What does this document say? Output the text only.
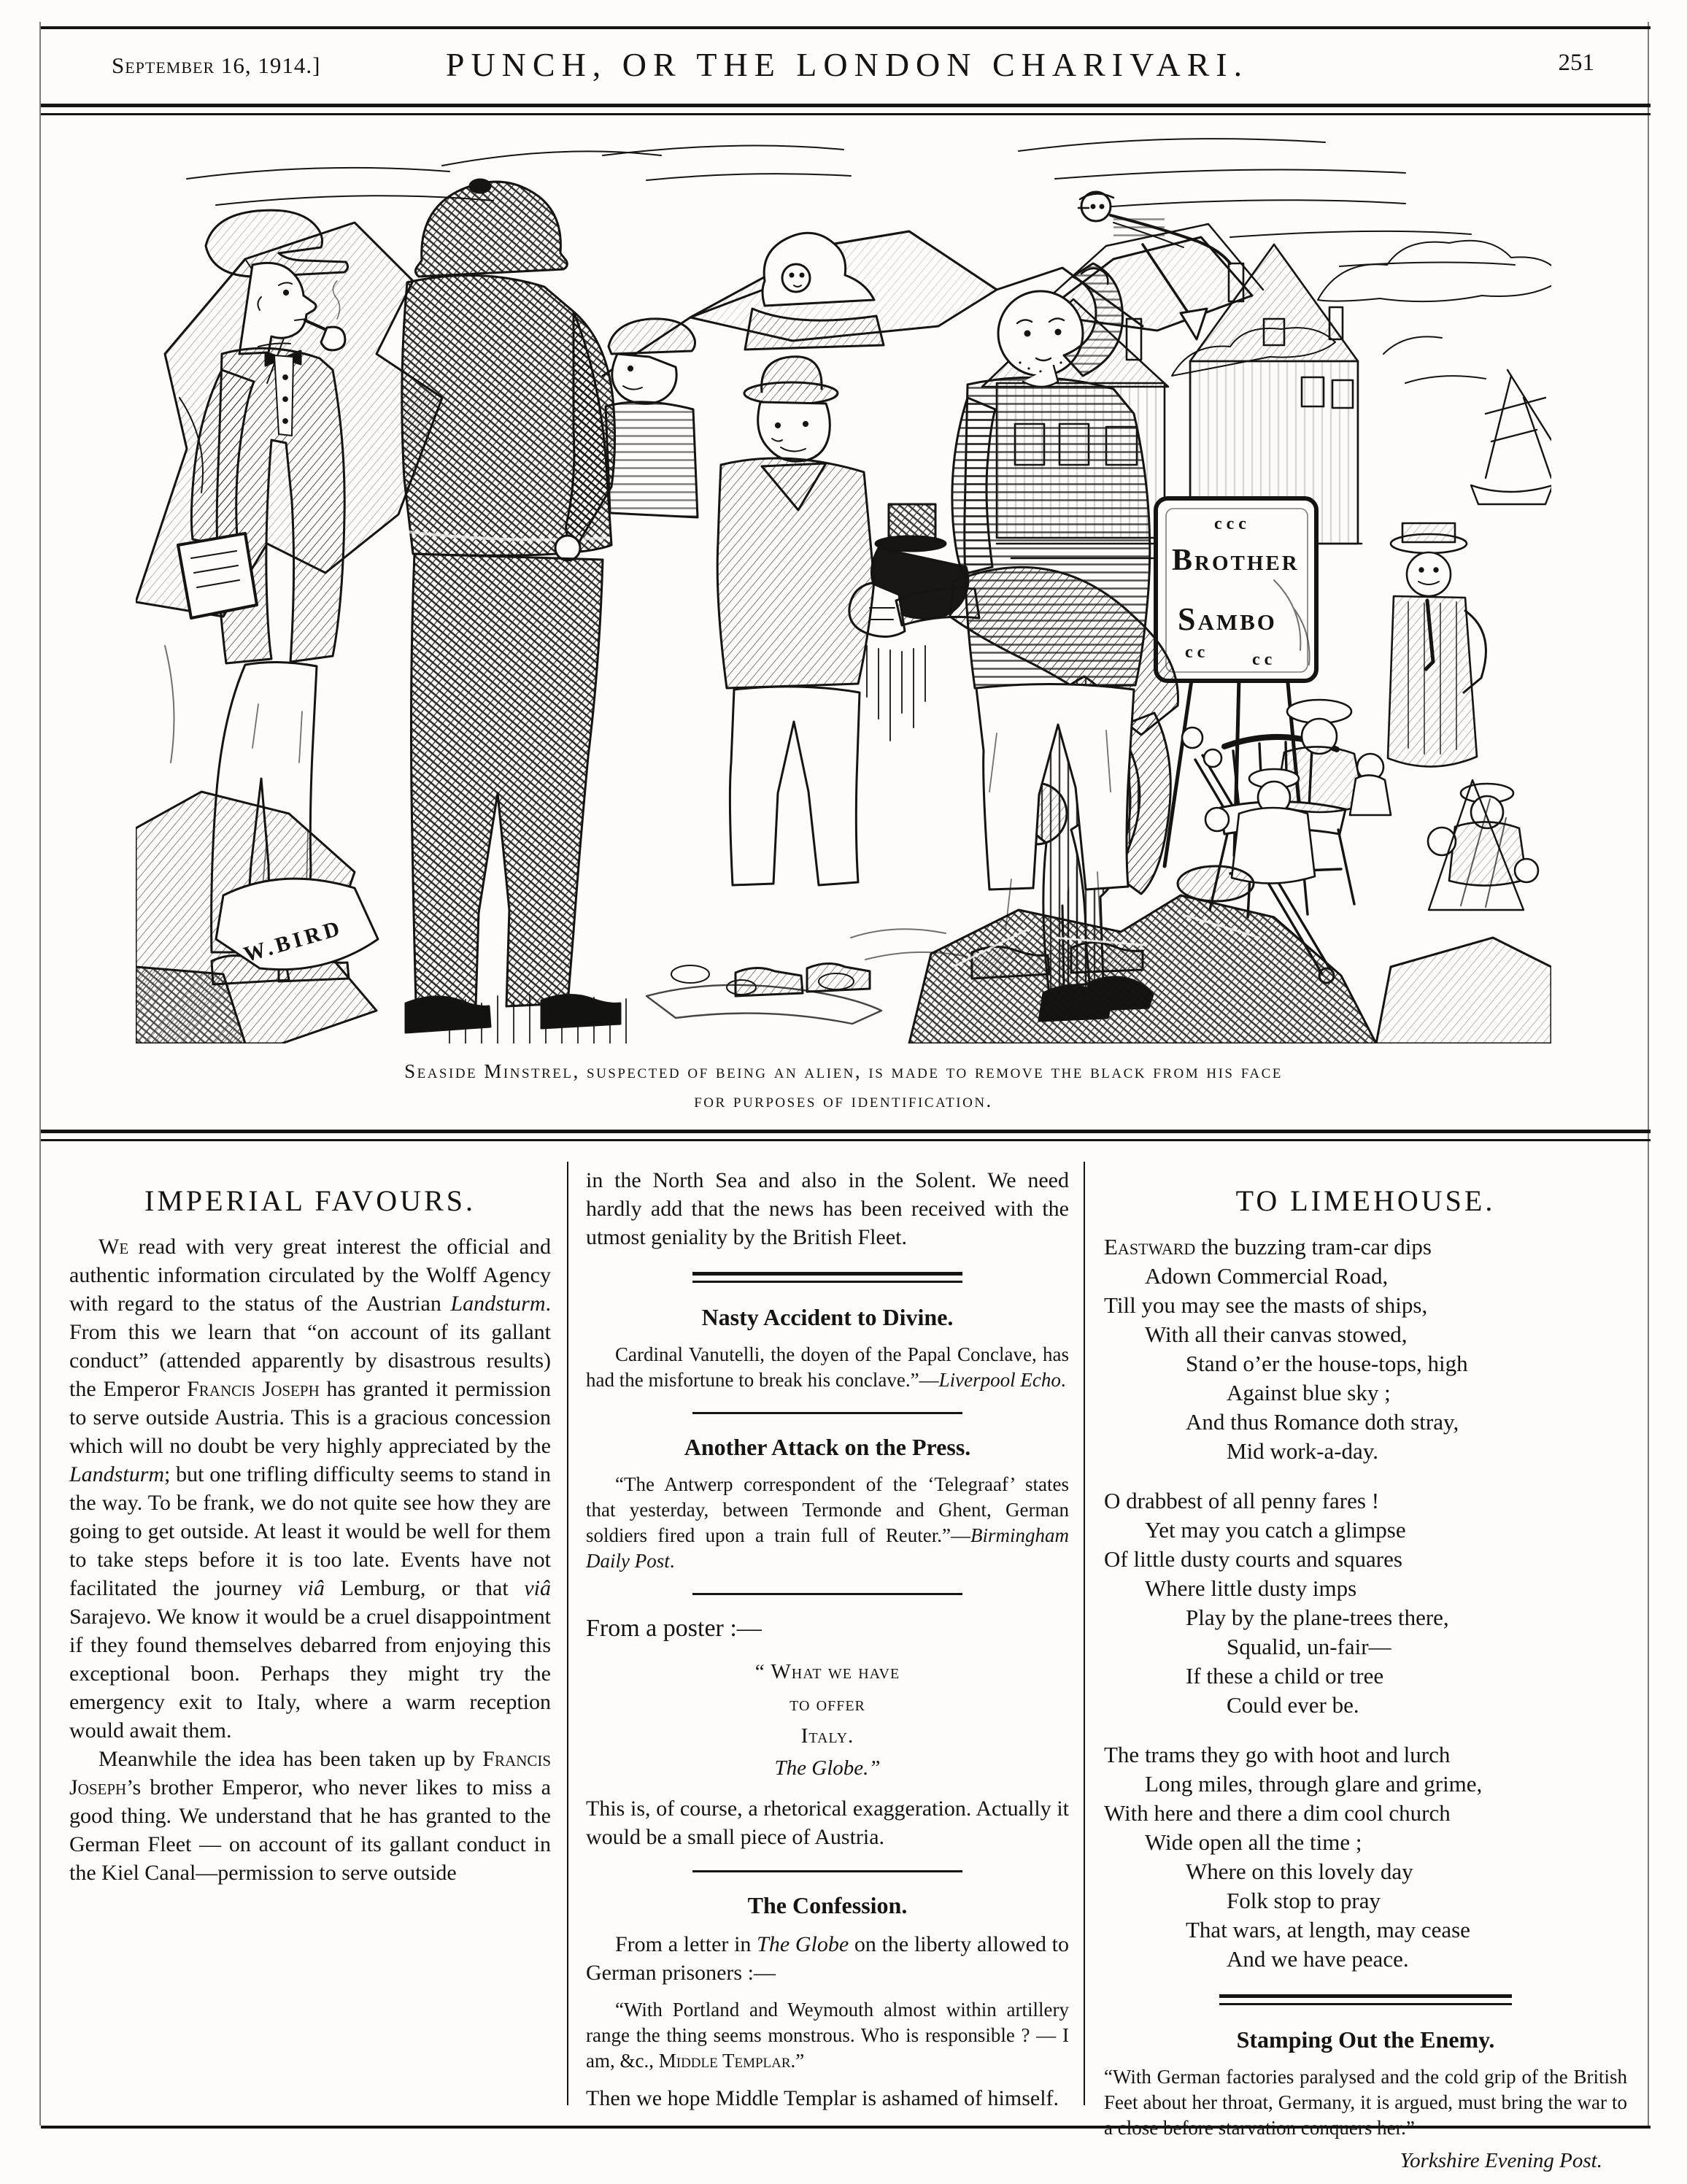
September 16, 1914.]	PUNCH, OR THE LONDON CHARIVARI.	251
Brother
Sambo
c c c
c c	c c
W.BIRD
Seaside Minstrel, suspected of being an alien, is made to remove the black from his face
for purposes of identification.
IMPERIAL FAVOURS.

We read with very great interest the official and authentic information circulated by the Wolff Agency with regard to the status of the Austrian Landsturm. From this we learn that “on account of its gallant conduct” (attended apparently by disastrous results) the Emperor Francis Joseph has granted it permission to serve outside Austria. This is a gracious concession which will no doubt be very highly appreciated by the Landsturm; but one trifling difficulty seems to stand in the way. To be frank, we do not quite see how they are going to get outside. At least it would be well for them to take steps before it is too late. Events have not facilitated the journey viâ Lemburg, or that viâ Sarajevo. We know it would be a cruel disappointment if they found themselves debarred from enjoying this exceptional boon. Perhaps they might try the emergency exit to Italy, where a warm reception would await them.

Meanwhile the idea has been taken up by Francis Joseph’s brother Emperor, who never likes to miss a good thing. We understand that he has granted to the German Fleet — on account of its gallant conduct in the Kiel Canal—permission to serve outside

in the North Sea and also in the Solent. We need hardly add that the news has been received with the utmost geniality by the British Fleet.

Nasty Accident to Divine.

Cardinal Vanutelli, the doyen of the Papal Conclave, has had the misfortune to break his conclave.”—Liverpool Echo.

Another Attack on the Press.

“The Antwerp correspondent of the ‘Telegraaf’ states that yesterday, between Termonde and Ghent, German soldiers fired upon a train full of Reuter.”—Birmingham Daily Post.

From a poster :—

“ What we have
to offer
Italy.
The Globe.”

This is, of course, a rhetorical exaggeration. Actually it would be a small piece of Austria.

The Confession.

From a letter in The Globe on the liberty allowed to German prisoners :—

“With Portland and Weymouth almost within artillery range the thing seems monstrous. Who is responsible ? — I am, &c., Middle Templar.”

Then we hope Middle Templar is ashamed of himself.

TO LIMEHOUSE.
Eastward the buzzing tram-car dips
Adown Commercial Road,
Till you may see the masts of ships,
With all their canvas stowed,
Stand o’er the house-tops, high
Against blue sky ;
And thus Romance doth stray,
Mid work-a-day.
O drabbest of all penny fares !
Yet may you catch a glimpse
Of little dusty courts and squares
Where little dusty imps
Play by the plane-trees there,
Squalid, un-fair—
If these a child or tree
Could ever be.
The trams they go with hoot and lurch
Long miles, through glare and grime,
With here and there a dim cool church
Wide open all the time ;
Where on this lovely day
Folk stop to pray
That wars, at length, may cease
And we have peace.
Stamping Out the Enemy.

“With German factories paralysed and the cold grip of the British Feet about her throat, Germany, it is argued, must bring the war to a close before starvation conquers her.”

Yorkshire Evening Post.
